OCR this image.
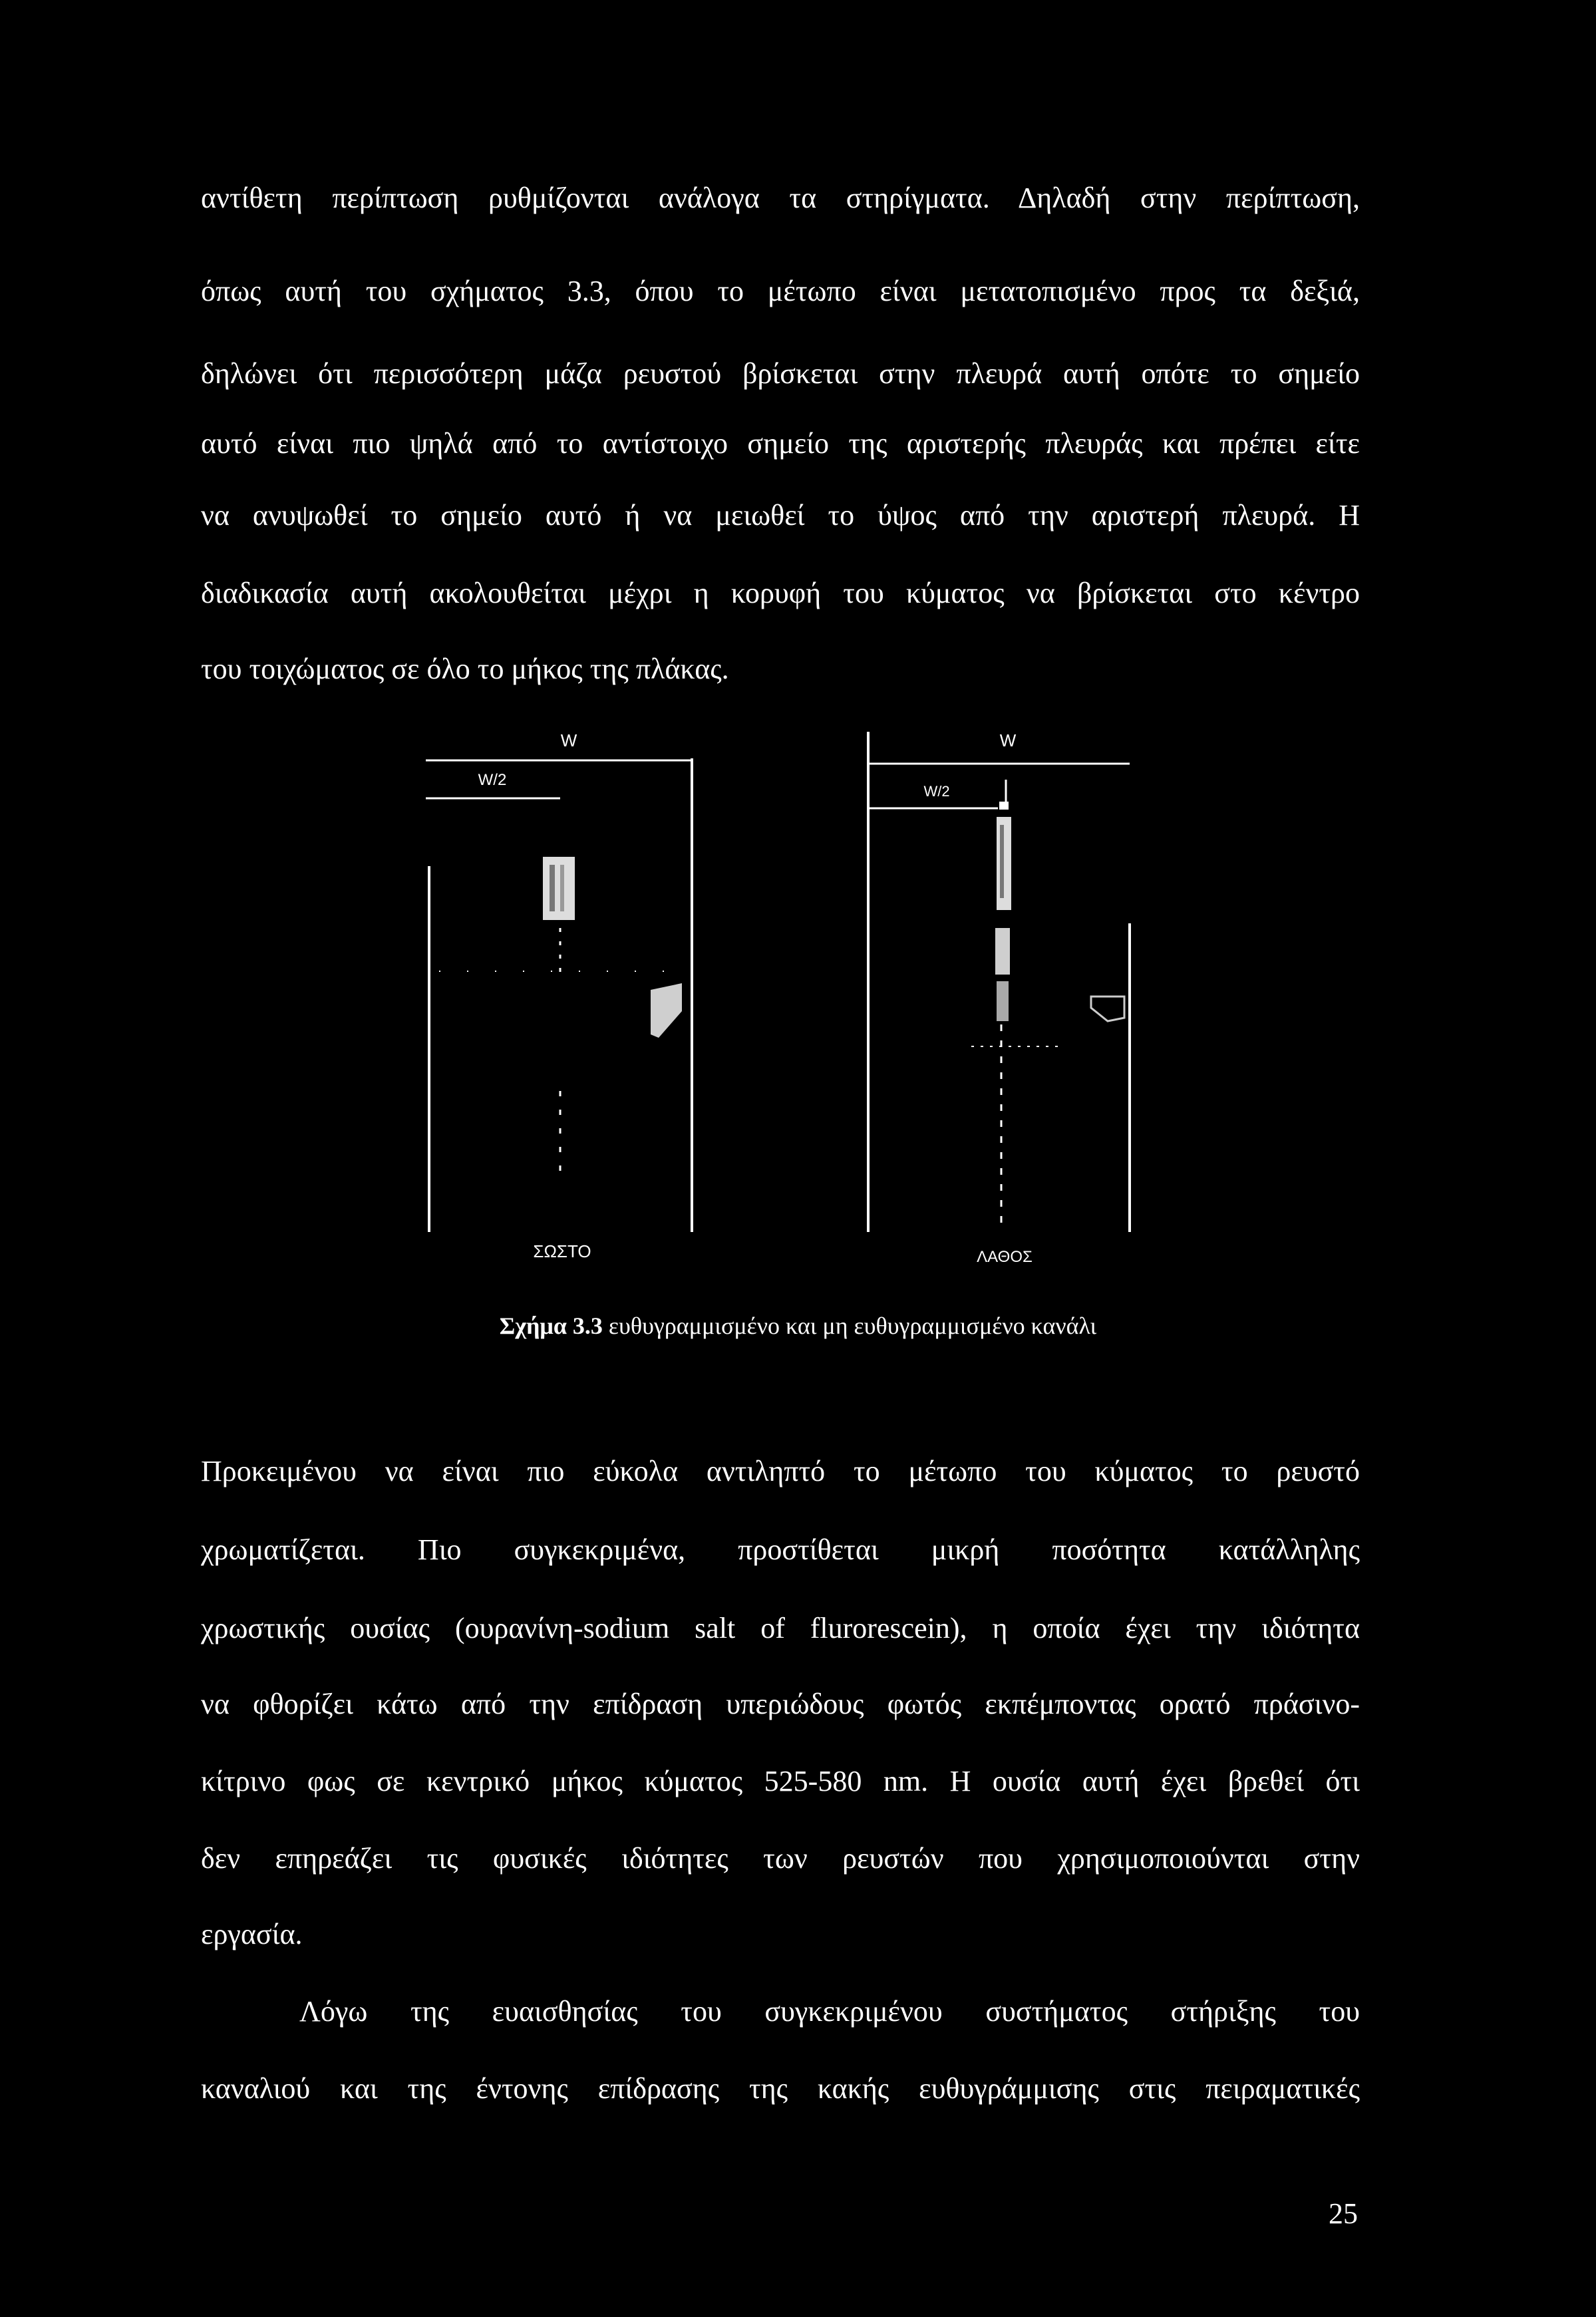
αντίθετη περίπτωση ρυθμίζονται ανάλογα τα στηρίγματα. Δηλαδή στην περίπτωση,
όπως αυτή του σχήματος 3.3, όπου το μέτωπο είναι μετατοπισμένο προς τα δεξιά,
δηλώνει ότι περισσότερη μάζα ρευστού βρίσκεται στην πλευρά αυτή οπότε το σημείο
αυτό είναι πιο ψηλά από το αντίστοιχο σημείο της αριστερής πλευράς και πρέπει είτε
να ανυψωθεί το σημείο αυτό ή να μειωθεί το ύψος από την αριστερή πλευρά. Η
διαδικασία αυτή ακολουθείται μέχρι η κορυφή του κύματος να βρίσκεται στο κέντρο
του τοιχώματος σε όλο το μήκος της πλάκας.
W
W/2
ΣΩΣΤΟ
W
W/2
ΛΑΘΟΣ
Σχήμα 3.3 ευθυγραμμισμένο και μη ευθυγραμμισμένο κανάλι
Προκειμένου να είναι πιο εύκολα αντιληπτό το μέτωπο του κύματος το ρευστό
χρωματίζεται. Πιο συγκεκριμένα, προστίθεται μικρή ποσότητα κατάλληλης
χρωστικής ουσίας (ουρανίνη-sodium salt of flurorescein), η οποία έχει την ιδιότητα
να φθορίζει κάτω από την επίδραση υπεριώδους φωτός εκπέμποντας ορατό πράσινο-
κίτρινο φως σε κεντρικό μήκος κύματος 525-580 nm. Η ουσία αυτή έχει βρεθεί ότι
δεν επηρεάζει τις φυσικές ιδιότητες των ρευστών που χρησιμοποιούνται στην
εργασία.
Λόγω της ευαισθησίας του συγκεκριμένου συστήματος στήριξης του
καναλιού και της έντονης επίδρασης της κακής ευθυγράμμισης στις πειραματικές
25
